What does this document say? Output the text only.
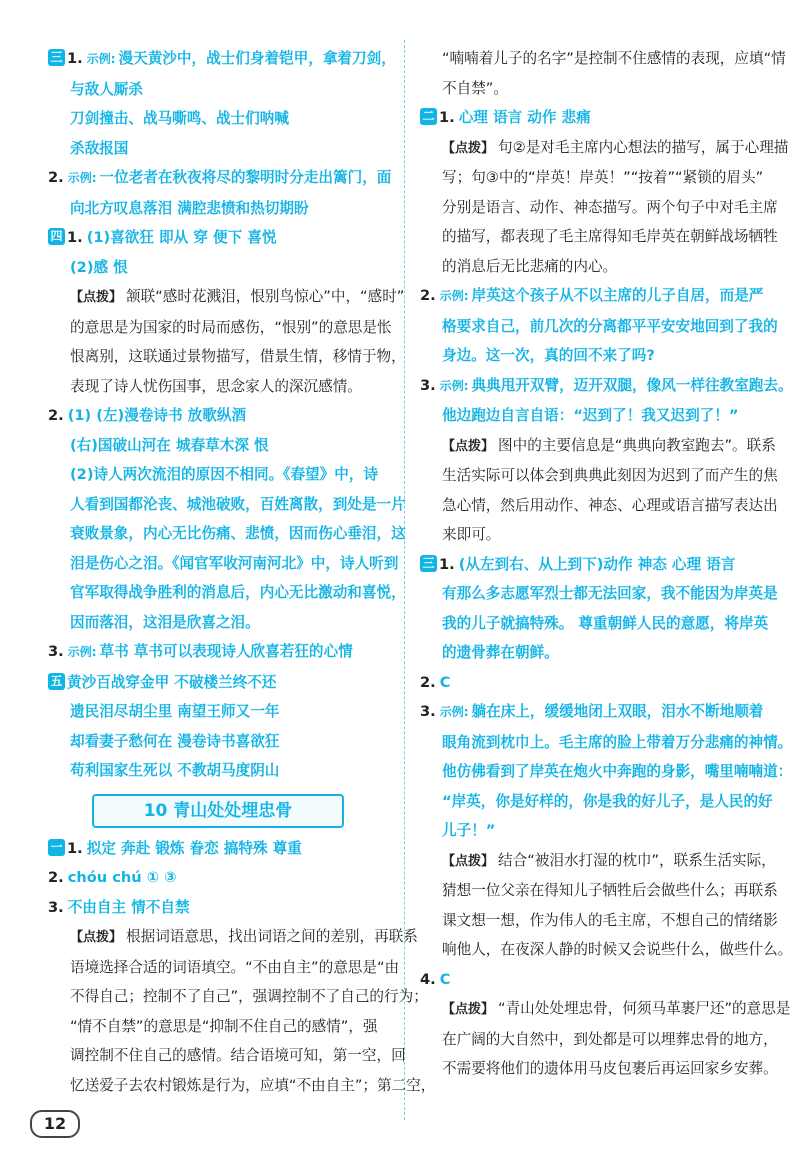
三 1. 示例: 漫天黄沙中，战士们身着铠甲，拿着刀剑，
与敌人厮杀
刀剑撞击、战马嘶鸣、战士们呐喊
杀敌报国
2. 示例: 一位老者在秋夜将尽的黎明时分走出篱门，面
向北方叹息落泪 满腔悲愤和热切期盼
四 1. (1)喜欲狂 即从 穿 便下 喜悦
(2)感 恨
【点拨】 颔联“感时花溅泪，恨别鸟惊心”中，“感时”
的意思是为国家的时局而感伤，“恨别”的意思是怅
恨离别，这联通过景物描写，借景生情，移情于物，
表现了诗人忧伤国事，思念家人的深沉感情。
2. (1) (左)漫卷诗书 放歌纵酒
(右)国破山河在 城春草木深 恨
(2)诗人两次流泪的原因不相同。《春望》中，诗
人看到国都沦丧、城池破败，百姓离散，到处是一片
衰败景象，内心无比伤痛、悲愤，因而伤心垂泪，这
泪是伤心之泪。《闻官军收河南河北》中，诗人听到
官军取得战争胜利的消息后，内心无比激动和喜悦，
因而落泪，这泪是欣喜之泪。
3. 示例: 草书 草书可以表现诗人欣喜若狂的心情
五 黄沙百战穿金甲 不破楼兰终不还
遗民泪尽胡尘里 南望王师又一年
却看妻子愁何在 漫卷诗书喜欲狂
苟利国家生死以 不教胡马度阴山
10 青山处处埋忠骨
一 1. 拟定 奔赴 锻炼 眷恋 搞特殊 尊重
2. chóu chú ① ③
3. 不由自主 情不自禁
【点拨】 根据词语意思，找出词语之间的差别，再联系
语境选择合适的词语填空。“不由自主”的意思是“由
不得自己；控制不了自己”，强调控制不了自己的行为；
“情不自禁”的意思是“抑制不住自己的感情”，强
调控制不住自己的感情。结合语境可知，第一空，回
忆送爱子去农村锻炼是行为，应填“不由自主”；第二空，
“喃喃着儿子的名字”是控制不住感情的表现，应填“情
不自禁”。
二 1. 心理 语言 动作 悲痛
【点拨】 句②是对毛主席内心想法的描写，属于心理描
写；句③中的“岸英！岸英！”“按着”“紧锁的眉头”
分别是语言、动作、神态描写。两个句子中对毛主席
的描写，都表现了毛主席得知毛岸英在朝鲜战场牺牲
的消息后无比悲痛的内心。
2. 示例: 岸英这个孩子从不以主席的儿子自居，而是严
格要求自己，前几次的分离都平平安安地回到了我的
身边。这一次，真的回不来了吗?
3. 示例: 典典甩开双臂，迈开双腿，像风一样往教室跑去。
他边跑边自言自语：“迟到了！我又迟到了！”
【点拨】 图中的主要信息是“典典向教室跑去”。联系
生活实际可以体会到典典此刻因为迟到了而产生的焦
急心情，然后用动作、神态、心理或语言描写表达出
来即可。
三 1. (从左到右、从上到下)动作 神态 心理 语言
有那么多志愿军烈士都无法回家，我不能因为岸英是
我的儿子就搞特殊。 尊重朝鲜人民的意愿，将岸英
的遗骨葬在朝鲜。
2. C
3. 示例: 躺在床上，缓缓地闭上双眼，泪水不断地顺着
眼角流到枕巾上。毛主席的脸上带着万分悲痛的神情。
他仿佛看到了岸英在炮火中奔跑的身影，嘴里喃喃道：
“岸英，你是好样的，你是我的好儿子，是人民的好
儿子！”
【点拨】 结合“被泪水打湿的枕巾”，联系生活实际，
猜想一位父亲在得知儿子牺牲后会做些什么；再联系
课文想一想，作为伟人的毛主席，不想自己的情绪影
响他人，在夜深人静的时候又会说些什么，做些什么。
4. C
【点拨】 “青山处处埋忠骨，何须马革裹尸还”的意思是
在广阔的大自然中，到处都是可以埋葬忠骨的地方，
不需要将他们的遗体用马皮包裹后再运回家乡安葬。
12
